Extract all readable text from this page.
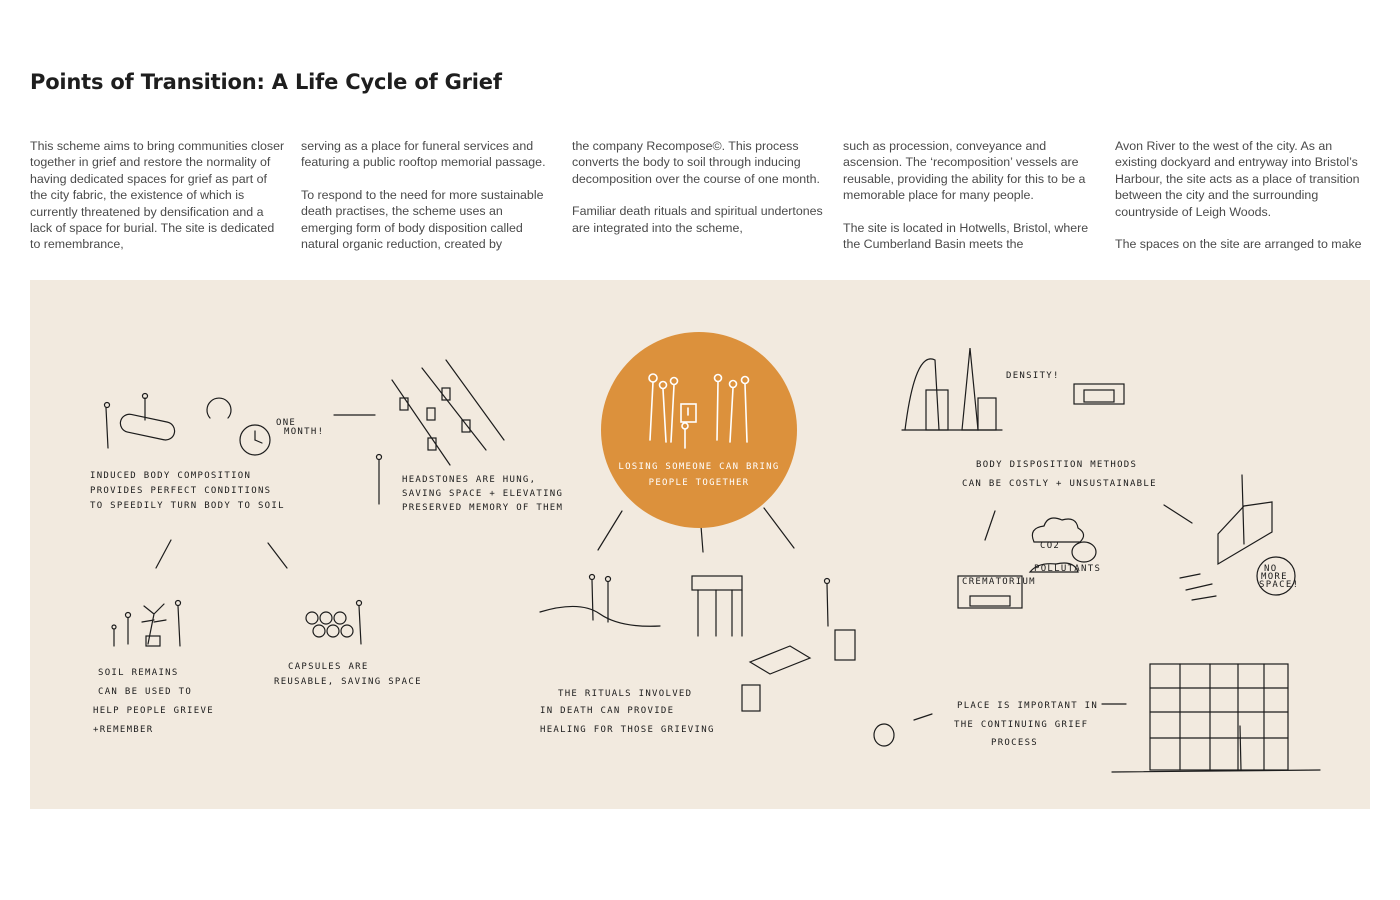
Points of Transition: A Life Cycle of Grief

This scheme aims to bring communities closer together in grief and restore the normality of having dedicated spaces for grief as part of the city fabric, the existence of which is currently threatened by densification and a lack of space for burial. The site is dedicated to remembrance,

serving as a place for funeral services and featuring a public rooftop memorial passage.

To respond to the need for more sustainable death practises, the scheme uses an emerging form of body disposition called natural organic reduction, created by

the company Recompose©. This process converts the body to soil through inducing decomposition over the course of one month.

Familiar death rituals and spiritual undertones are integrated into the scheme,

such as procession, conveyance and ascension. The ‘recomposition’ vessels are reusable, providing the ability for this to be a memorable place for many people.

The site is located in Hotwells, Bristol, where the Cumberland Basin meets the

Avon River to the west of the city. As an existing dockyard and entryway into Bristol’s Harbour, the site acts as a place of transition between the city and the surrounding countryside of Leigh Woods.

The spaces on the site are arranged to make

LOSING SOMEONE CAN BRING
PEOPLE TOGETHER
ONE
MONTH!
INDUCED BODY COMPOSITION
PROVIDES PERFECT CONDITIONS
TO SPEEDILY TURN BODY TO SOIL
HEADSTONES ARE HUNG,
SAVING SPACE + ELEVATING
PRESERVED MEMORY OF THEM
SOIL REMAINS
CAN BE USED TO
HELP PEOPLE GRIEVE
+REMEMBER
CAPSULES ARE
REUSABLE, SAVING SPACE
THE RITUALS INVOLVED
IN DEATH CAN PROVIDE
HEALING FOR THOSE GRIEVING
DENSITY!
BODY DISPOSITION METHODS
CAN BE COSTLY + UNSUSTAINABLE
CREMATORIUM
CO2
POLLUTANTS	NO
MORE
SPACE!
PLACE IS IMPORTANT IN
THE CONTINUING GRIEF
PROCESS
